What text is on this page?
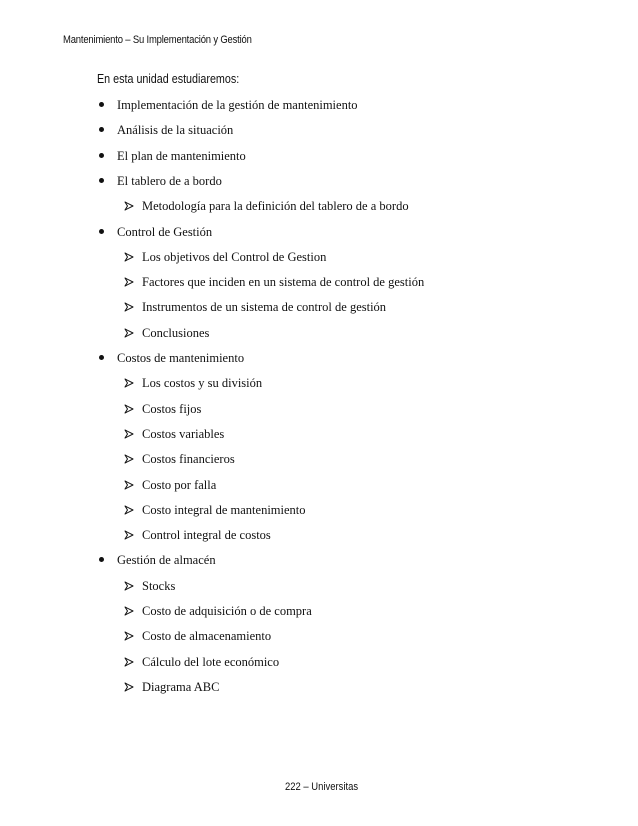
Mantenimiento – Su Implementación y Gestión
En esta unidad estudiaremos:
Implementación de la gestión de mantenimiento
Análisis de la situación
El plan de mantenimiento
El tablero de a bordo
Metodología para la definición del tablero de a bordo
Control de Gestión
Los objetivos del Control de Gestion
Factores que inciden en un sistema de control de gestión
Instrumentos de un sistema de control de gestión
Conclusiones
Costos de mantenimiento
Los costos y su división
Costos fijos
Costos variables
Costos financieros
Costo por falla
Costo integral de mantenimiento
Control integral de costos
Gestión de almacén
Stocks
Costo de adquisición o de compra
Costo de almacenamiento
Cálculo del lote económico
Diagrama ABC
222 – Universitas
